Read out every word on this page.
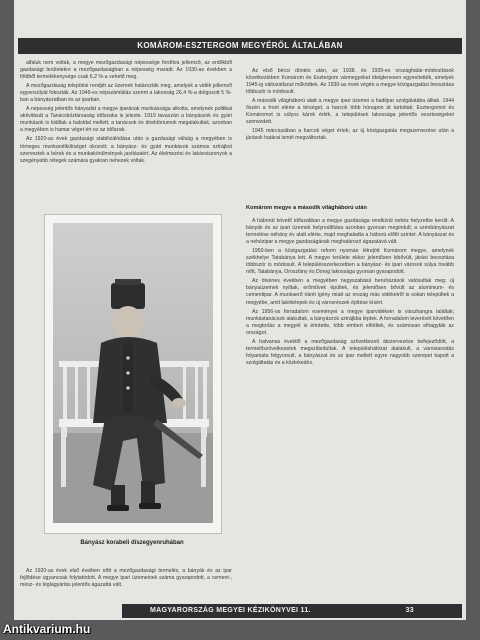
KOMÁROM-ESZTERGOM MEGYÉRŐL ÁLTALÁBAN

alfaluk nem voltak, a megye mezőgazdasági népessége fordítva jellemző, az erdőkből gazdasági területekre a mezőgazdaságban a népesség maradt. Az 1930-as években a földből termelékenysége csak 6,2 %-a vehető meg.

A mezőgazdaság telepítési rendjét az üzemek határozták meg, amelyek a vidék jellemző egyensúlyát fokozták. Az 1949-es népszámlálás szerint a lakosság 26,4 %-a dolgozott 5 %-ban a bányászatban és az iparban.

A népesség jelentős hányadát a megye iparának munkássága alkotta, amelynek politikai aktivitását a Tanácsköztársaság időszaka is jelezte. 1919 tavaszán a bányászok és gyári munkások is kiálltak a baloldal mellett; a tanácsok és direktóriumok megalakultak, azonban a megyében is hamar véget ért ez az időszak.

Az 1920-as évek gazdasági stabilizálódása után a gazdasági válság a megyében is tömeges munkanélküliséget okozott; a bányász- és gyári munkások számos sztrájkot szerveztek a bérek és a munkakörülmények javításáért. Az élelmezési és lakásviszonyok a szegényebb rétegek számára gyakran nehezek voltak.

Az első bécsi döntés után, az 1938. és 1939-es országhatár-módosítások következtében Komárom és Esztergom vármegyéket ideiglenesen egyesítették, amelyek 1945-ig változatlanul működtek. Az 1930-as évek végén a megye közigazgatási beosztása többször is módosult.

A második világháború alatt a megye ipari üzemei a hadiipar szolgálatába álltak. 1944 őszén a front elérte a térséget, a harcok több hónapon át tartottak; Esztergomot és Komáromot is súlyos károk érték, a települések lakossága jelentős veszteségeket szenvedett.

1945 márciusában a harcok véget értek; az új közigazgatás megszervezése után a járások határai ismét megváltoztak.

Komárom megye a második világháború után

A háborút követő időszakban a megye gazdasága rendkívül nehéz helyzetbe került. A bányák és az ipari üzemek helyreállítása azonban gyorsan megindult; a szénbányászat termelése néhány év alatt elérte, majd meghaladta a háború előtti szintet. A bányászat és a nehézipar a megye gazdaságának meghatározó ágazatává vált.

1950-ben a közigazgatási reform nyomán létrejött Komárom megye, amelynek székhelye Tatabánya lett. A megye területe ekkor jelentősen kibővült, járási beosztása többször is módosult. A településszerkezetben a bányász- és ipari városok súlya tovább nőtt, Tatabánya, Oroszlány és Dorog lakossága gyorsan gyarapodott.

Az ötvenes években a megyében nagyszabású beruházások valósultak meg: új bányaüzemek nyíltak, erőművek épültek, és jelentősen bővült az alumínium- és cementipar. A munkaerő iránti igény miatt az ország más vidékeiről is sokan települtek a megyébe, amit lakótelepek és új városrészek építése kísért.

Az 1956-os forradalom eseményei a megye iparvidékein is visszhangra találtak; munkástanácsok alakultak, a bányászok sztrájkba léptek. A forradalom leverését követően a megtorlás a megyét is érintette, több embert elítéltek, és számosan elhagyták az országot.

A hatvanas évektől a mezőgazdaság szövetkezeti átszervezése befejeződött, a termelőszövetkezetek megszilárdultak. A településhálózat átalakult, a városiasodás folyamata felgyorsult, a bányászat és az ipar mellett egyre nagyobb szerepet kapott a szolgáltatás és a közlekedés.

Bányász korabeli díszegyenruhában

Az 1920-as évek első éveiben nőtt a mezőgazdasági termelés, a bányák és az ipar fejlődése ugyancsak folytatódott. A megye ipari üzemeinek száma gyarapodott, a cement-, mész- és téglagyártás jelentős ágazattá vált.

MAGYARORSZÁG MEGYEI KÉZIKÖNYVEI 11.	33
Antikvarium.hu
